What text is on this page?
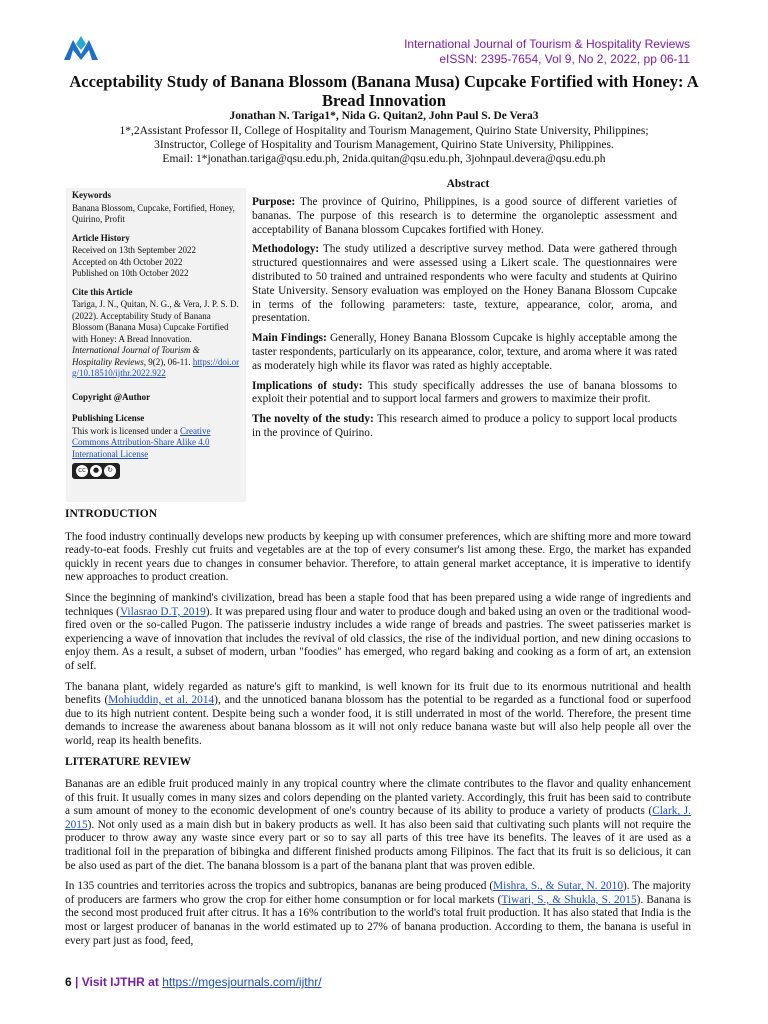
International Journal of Tourism & Hospitality Reviews
eISSN: 2395-7654, Vol 9, No 2, 2022, pp 06-11
Acceptability Study of Banana Blossom (Banana Musa) Cupcake Fortified with Honey: A Bread Innovation
Jonathan N. Tariga1*, Nida G. Quitan2, John Paul S. De Vera3
1*,2Assistant Professor II, College of Hospitality and Tourism Management, Quirino State University, Philippines;
3Instructor, College of Hospitality and Tourism Management, Quirino State University, Philippines.
Email: 1*jonathan.tariga@qsu.edu.ph, 2nida.quitan@qsu.edu.ph, 3johnpaul.devera@qsu.edu.ph
Abstract
Keywords

Banana Blossom, Cupcake, Fortified, Honey, Quirino, Profit

Article History

Received on 13th September 2022

Accepted on 4th October 2022

Published on 10th October 2022

Cite this Article

Tariga, J. N., Quitan, N. G., & Vera, J. P. S. D. (2022). Acceptability Study of Banana Blossom (Banana Musa) Cupcake Fortified with Honey: A Bread Innovation. International Journal of Tourism & Hospitality Reviews, 9(2), 06-11. https://doi.org/10.18510/ijthr.2022.922

Copyright @Author
Publishing License

This work is licensed under a Creative Commons Attribution-Share Alike 4.0 International License

cc	●	↻

Purpose: The province of Quirino, Philippines, is a good source of different varieties of bananas. The purpose of this research is to determine the organoleptic assessment and acceptability of Banana blossom Cupcakes fortified with Honey.

Methodology: The study utilized a descriptive survey method. Data were gathered through structured questionnaires and were assessed using a Likert scale. The questionnaires were distributed to 50 trained and untrained respondents who were faculty and students at Quirino State University. Sensory evaluation was employed on the Honey Banana Blossom Cupcake in terms of the following parameters: taste, texture, appearance, color, aroma, and presentation.

Main Findings: Generally, Honey Banana Blossom Cupcake is highly acceptable among the taster respondents, particularly on its appearance, color, texture, and aroma where it was rated as moderately high while its flavor was rated as highly acceptable.

Implications of study: This study specifically addresses the use of banana blossoms to exploit their potential and to support local farmers and growers to maximize their profit.

The novelty of the study: This research aimed to produce a policy to support local products in the province of Quirino.

INTRODUCTION

The food industry continually develops new products by keeping up with consumer preferences, which are shifting more and more toward ready-to-eat foods. Freshly cut fruits and vegetables are at the top of every consumer's list among these. Ergo, the market has expanded quickly in recent years due to changes in consumer behavior. Therefore, to attain general market acceptance, it is imperative to identify new approaches to product creation.

Since the beginning of mankind's civilization, bread has been a staple food that has been prepared using a wide range of ingredients and techniques (Vilasrao D.T, 2019). It was prepared using flour and water to produce dough and baked using an oven or the traditional wood-fired oven or the so-called Pugon. The patisserie industry includes a wide range of breads and pastries. The sweet patisseries market is experiencing a wave of innovation that includes the revival of old classics, the rise of the individual portion, and new dining occasions to enjoy them. As a result, a subset of modern, urban "foodies" has emerged, who regard baking and cooking as a form of art, an extension of self.

The banana plant, widely regarded as nature's gift to mankind, is well known for its fruit due to its enormous nutritional and health benefits (Mohiuddin, et al. 2014), and the unnoticed banana blossom has the potential to be regarded as a functional food or superfood due to its high nutrient content. Despite being such a wonder food, it is still underrated in most of the world. Therefore, the present time demands to increase the awareness about banana blossom as it will not only reduce banana waste but will also help people all over the world, reap its health benefits.

LITERATURE REVIEW

Bananas are an edible fruit produced mainly in any tropical country where the climate contributes to the flavor and quality enhancement of this fruit. It usually comes in many sizes and colors depending on the planted variety. Accordingly, this fruit has been said to contribute a sum amount of money to the economic development of one's country because of its ability to produce a variety of products (Clark, J. 2015). Not only used as a main dish but in bakery products as well. It has also been said that cultivating such plants will not require the producer to throw away any waste since every part or so to say all parts of this tree have its benefits. The leaves of it are used as a traditional foil in the preparation of bibingka and different finished products among Filipinos. The fact that its fruit is so delicious, it can be also used as part of the diet. The banana blossom is a part of the banana plant that was proven edible.

In 135 countries and territories across the tropics and subtropics, bananas are being produced (Mishra, S., & Sutar, N. 2010). The majority of producers are farmers who grow the crop for either home consumption or for local markets (Tiwari, S., & Shukla, S. 2015). Banana is the second most produced fruit after citrus. It has a 16% contribution to the world's total fruit production. It has also stated that India is the most or largest producer of bananas in the world estimated up to 27% of banana production. According to them, the banana is useful in every part just as food, feed,

6 | Visit IJTHR at https://mgesjournals.com/ijthr/
